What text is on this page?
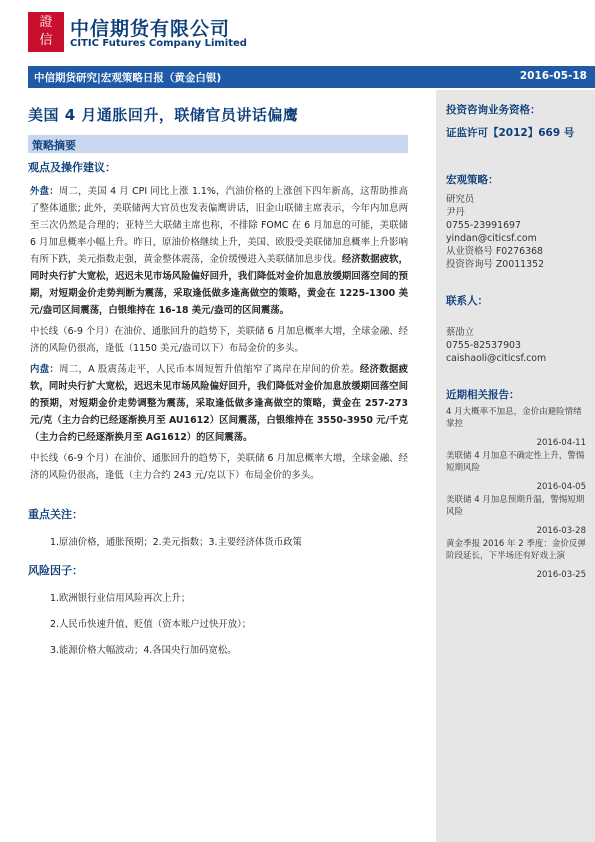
證
信
中信期货有限公司
CITIC Futures Company Limited
中信期货研究|宏观策略日报（黄金白银)	2016-05-18
美国 4 月通胀回升，联储官员讲话偏鹰
策略摘要
观点及操作建议：

外盘：周二，美国 4 月 CPI 同比上涨 1.1%，汽油价格的上涨创下四年新高，这帮助推高了整体通胀; 此外，美联储两大官员也发表偏鹰讲话，旧金山联储主席表示，今年内加息两至三次仍然是合理的；亚特兰大联储主席也称，不排除 FOMC 在 6 月加息的可能，美联储 6 月加息概率小幅上升。昨日，原油价格继续上升，美国、欧股受美联储加息概率上升影响有所下跌，美元指数走强，黄金整体震荡，金价缓慢进入美联储加息步伐。经济数据疲软，同时央行扩大宽松，迟迟未见市场风险偏好回升，我们降低对金价加息放缓期回落空间的预期，对短期金价走势判断为震荡，采取逢低做多逢高做空的策略，黄金在 1225-1300 美元/盎司区间震荡，白银维持在 16-18 美元/盎司的区间震荡。

中长线（6-9 个月）在油价、通胀回升的趋势下，美联储 6 月加息概率大增，全球金融、经济的风险仍很高，逢低（1150 美元/盎司以下）布局金价的多头。

内盘：周二，A 股震荡走平，人民币本周短暂升值缩窄了离岸在岸间的价差。经济数据疲软，同时央行扩大宽松，迟迟未见市场风险偏好回升，我们降低对金价加息放缓期回落空间的预期，对短期金价走势调整为震荡，采取逢低做多逢高做空的策略，黄金在 257-273 元/克（主力合约已经逐渐换月至 AU1612）区间震荡，白银维持在 3550-3950 元/千克（主力合约已经逐渐换月至 AG1612）的区间震荡。

中长线（6-9 个月）在油价、通胀回升的趋势下，美联储 6 月加息概率大增，全球金融、经济的风险仍很高，逢低（主力合约 243 元/克以下）布局金价的多头。

重点关注：
1.原油价格，通胀预期；2.美元指数；3.主要经济体货币政策
风险因子：
1.欧洲银行业信用风险再次上升；
2.人民币快速升值、贬值（资本账户过快开放）；
3.能源价格大幅波动；4.各国央行加码宽松。
投资咨询业务资格：
证监许可【2012】669 号
宏观策略：
研究员
尹丹
0755-23991697
yindan@citicsf.com
从业资格号 F0276368
投资咨询号 Z0011352
联系人：
蔡劭立
0755-82537903
caishaoli@citicsf.com
近期相关报告：
4 月大概率不加息，金价由避险情绪掌控
2016-04-11
美联储 4 月加息不确定性上升，警惕短期风险
2016-04-05
美联储 4 月加息预期升温，警惕短期风险
2016-03-28
黄金季报 2016 年 2 季度：金价反弹阶段延长，下半场还有好戏上演
2016-03-25
